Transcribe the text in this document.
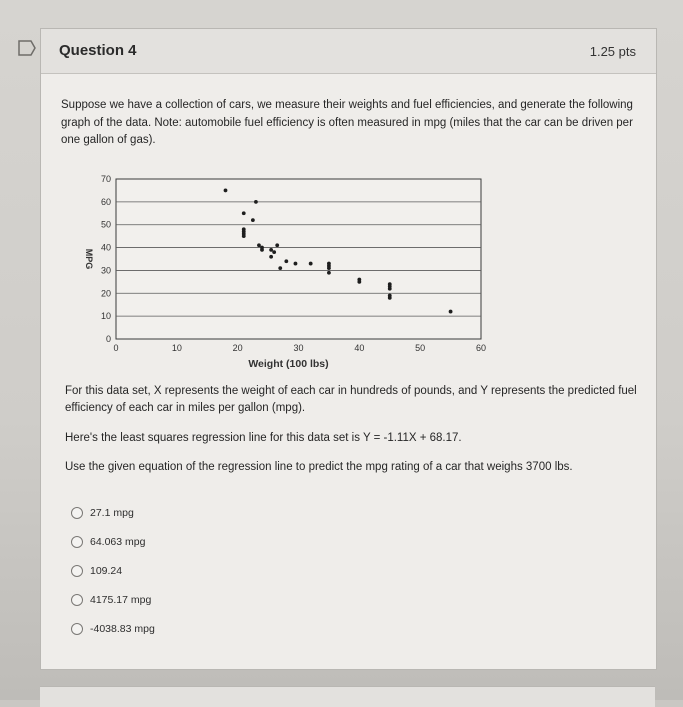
Question 4	1.25 pts
Suppose we have a collection of cars, we measure their weights and fuel efficiencies, and generate the following graph of the data. Note: automobile fuel efficiency is often measured in mpg (miles that the car can be driven per one gallon of gas).
0
10
20
30
40
50
60
70
0	10	20	30	40	50	60
Weight (100 lbs)
MPG
For this data set, X represents the weight of each car in hundreds of pounds, and Y represents the predicted fuel efficiency of each car in miles per gallon (mpg).
Here's the least squares regression line for this data set is Y = -1.11X + 68.17.
Use the given equation of the regression line to predict the mpg rating of a car that weighs 3700 lbs.
27.1 mpg
64.063 mpg
109.24
4175.17 mpg
-4038.83 mpg
